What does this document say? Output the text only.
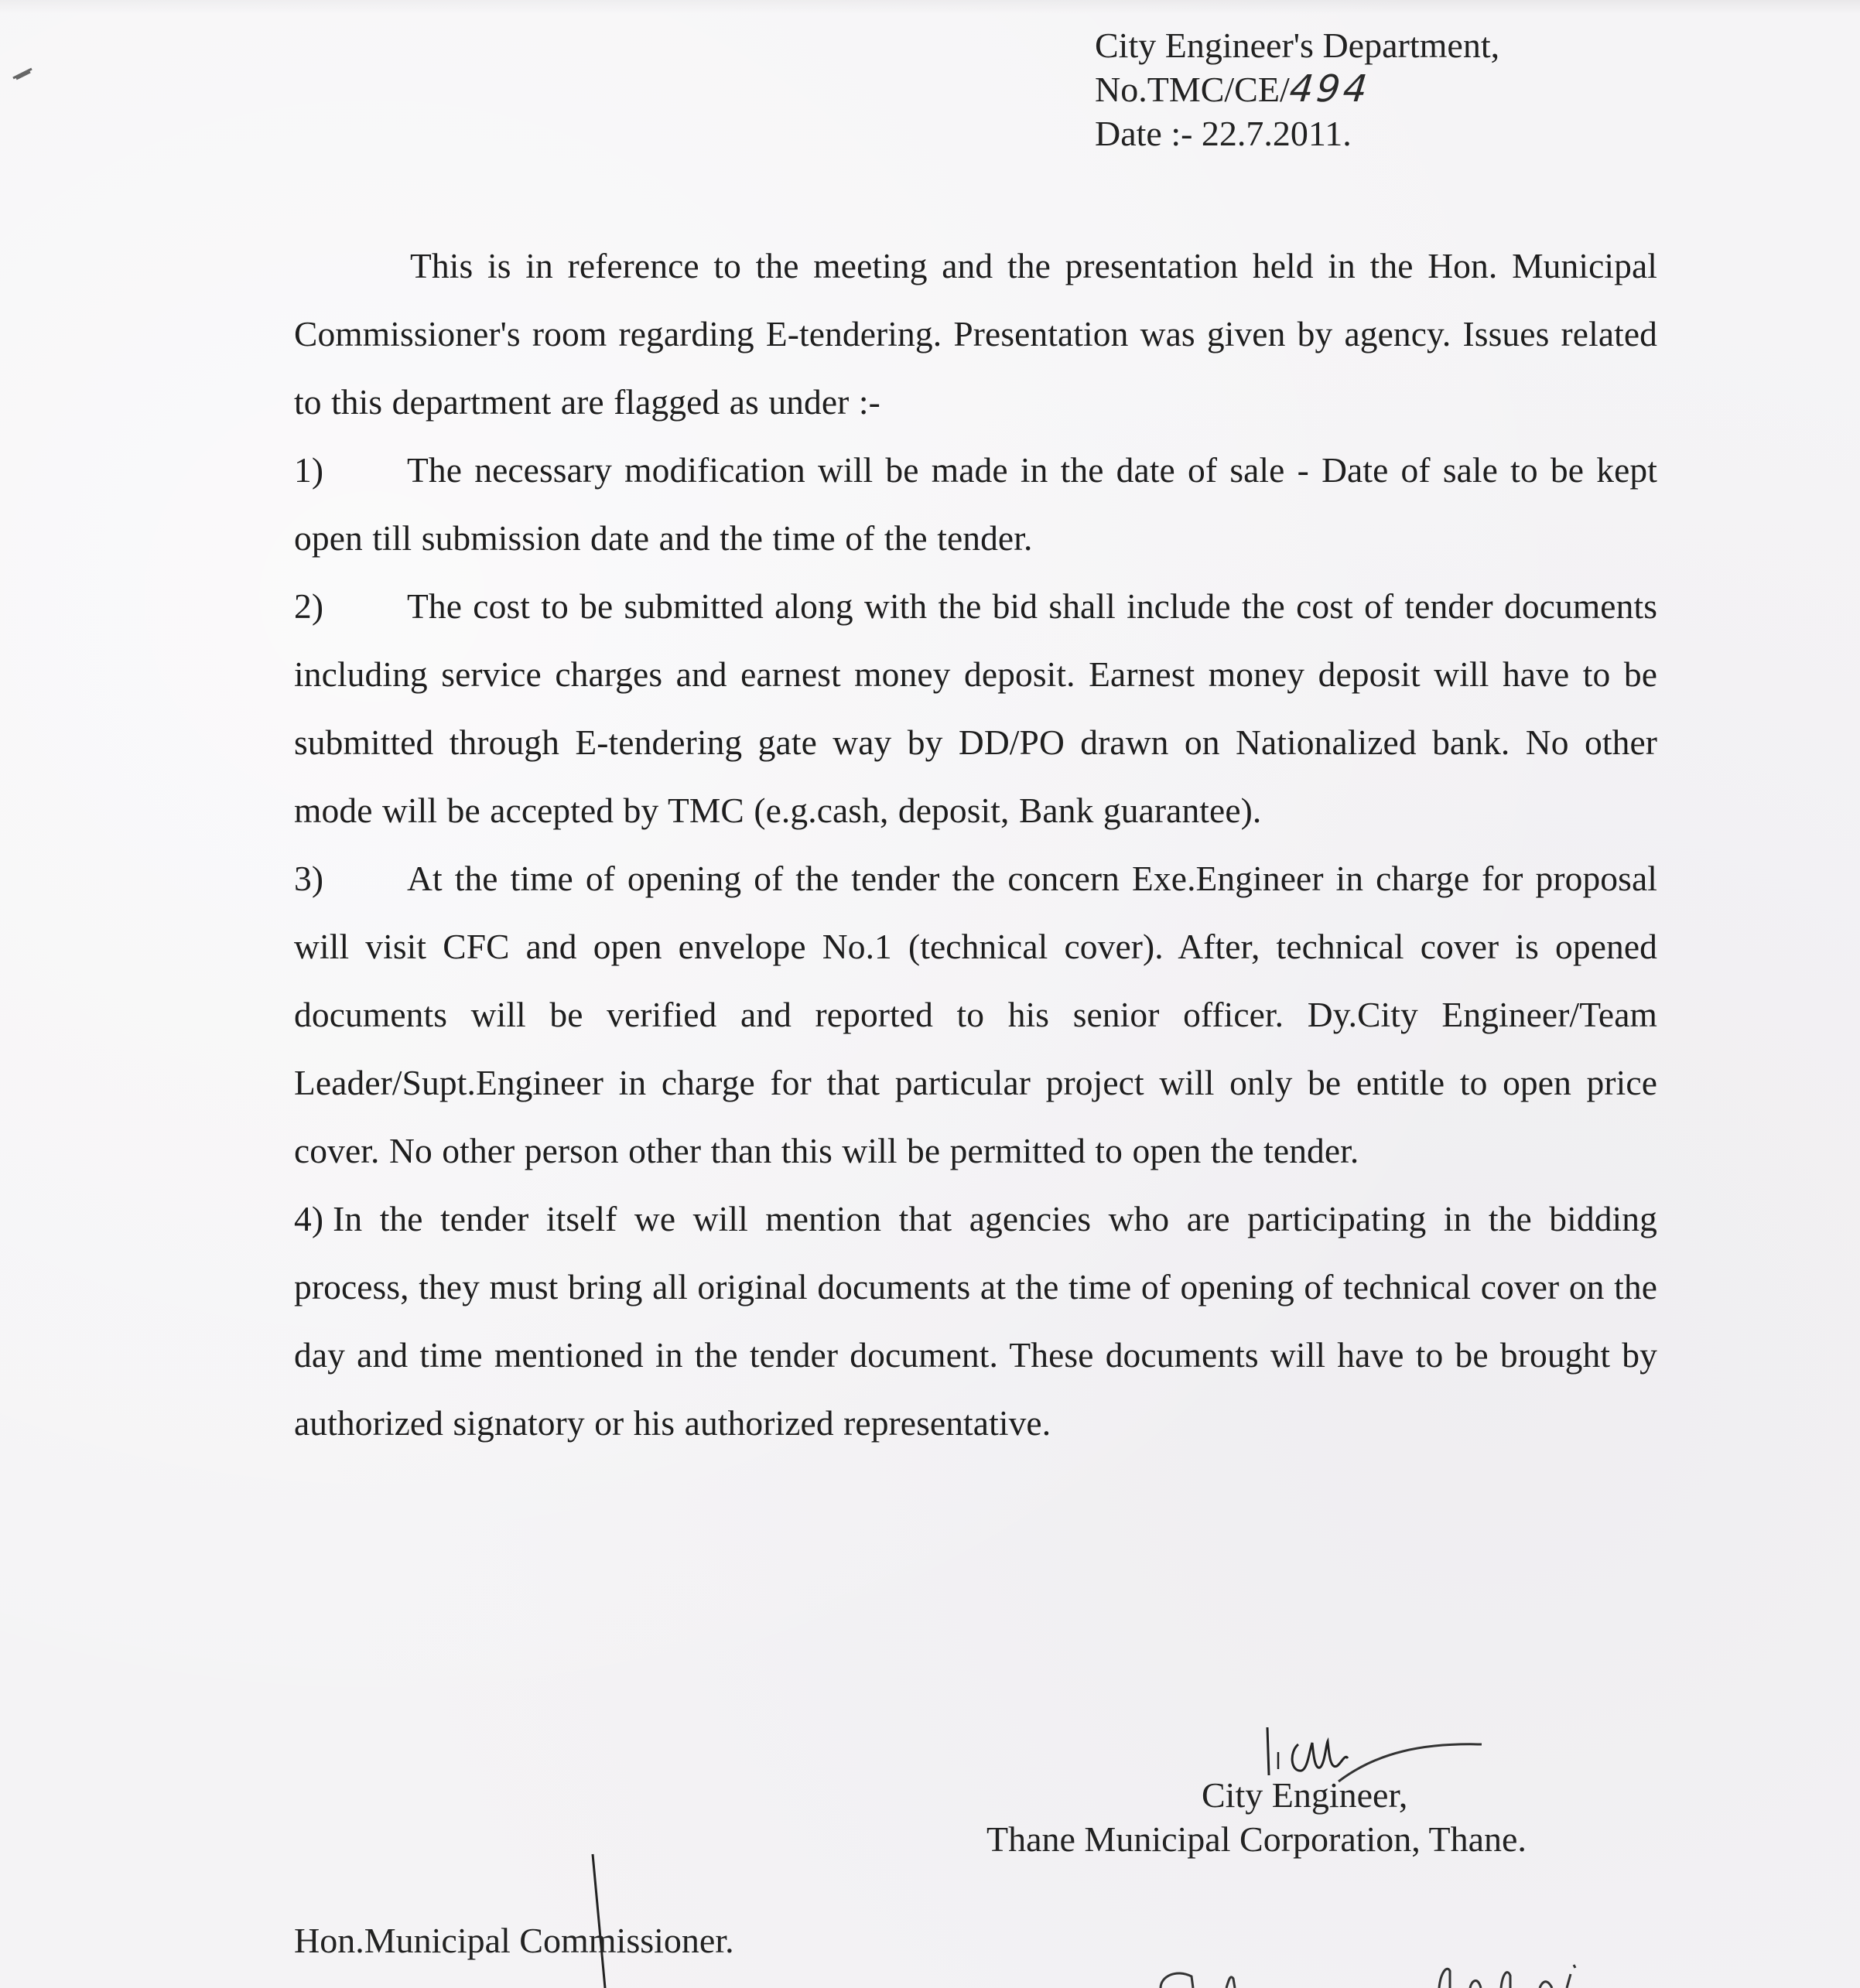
City Engineer's Department,
No.TMC/CE/494
Date :- 22.7.2011.

This is in reference to the meeting and the presentation held in the Hon. Municipal Commissioner's room regarding E-tendering. Presentation was given by agency. Issues related to this department are flagged as under :-

1) The necessary modification will be made in the date of sale - Date of sale to be kept open till submission date and the time of the tender.

2) The cost to be submitted along with the bid shall include the cost of tender documents including service charges and earnest money deposit. Earnest money deposit will have to be submitted through E-tendering gate way by DD/PO drawn on Nationalized bank. No other mode will be accepted by TMC (e.g.cash, deposit, Bank guarantee).

3) At the time of opening of the tender the concern Exe.Engineer in charge for proposal will visit CFC and open envelope No.1 (technical cover). After, technical cover is opened documents will be verified and reported to his senior officer. Dy.City Engineer/Team Leader/Supt.Engineer in charge for that particular project will only be entitle to open price cover. No other person other than this will be permitted to open the tender.

4) In the tender itself we will mention that agencies who are participating in the bidding process, they must bring all original documents at the time of opening of technical cover on the day and time mentioned in the tender document. These documents will have to be brought by authorized signatory or his authorized representative.

City Engineer,
Thane Municipal Corporation, Thane.
Hon.Municipal Commissioner.
